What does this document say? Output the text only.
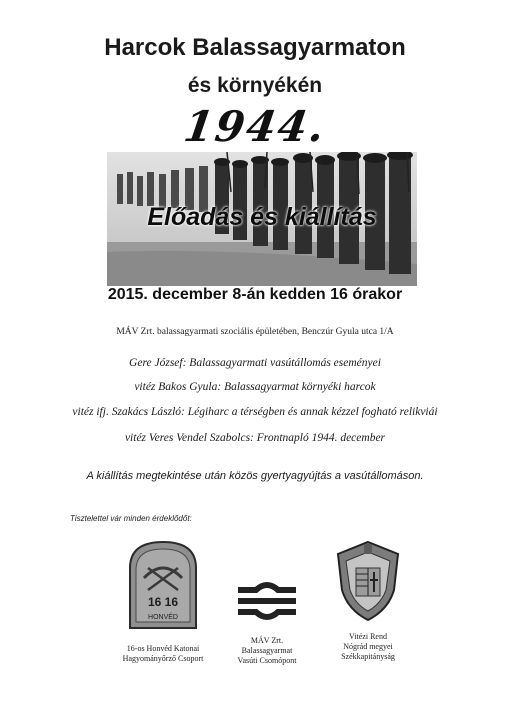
Harcok Balassagyarmaton
és környékén
1944.
Előadás és kiállítás
2015. december 8-án kedden 16 órakor
MÁV Zrt. balassagyarmati szociális épületében, Benczúr Gyula utca 1/A
Gere József: Balassagyarmati vasútállomás eseményei
vitéz Bakos Gyula: Balassagyarmat környéki harcok
vitéz ifj. Szakács László: Légiharc a térségben és annak kézzel fogható relikviái
vitéz Veres Vendel Szabolcs: Frontnapló 1944. december
A kiállítás megtekintése után közös gyertyagyújtás a vasútállomáson.
Tisztelettel vár minden érdeklődőt:
16 16
HONVÉD
16-os Honvéd Katonai
Hagyományőrző Csoport
MÁV Zrt.
Balassagyarmat
Vasúti Csomópont
Vitézi Rend
Nógrád megyei
Székkapitányság
